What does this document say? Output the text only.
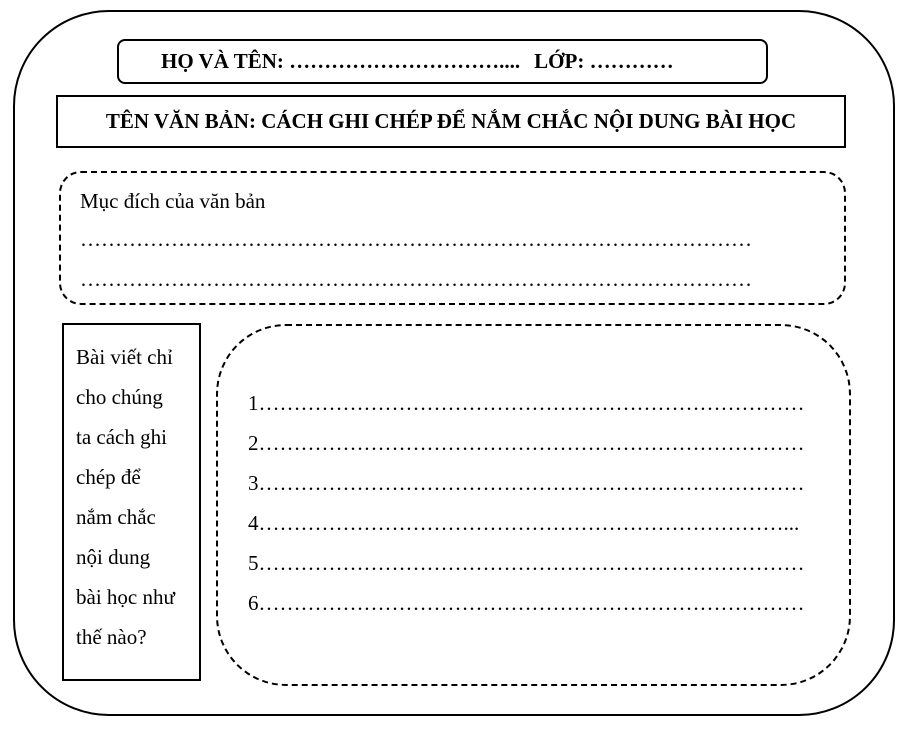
HỌ VÀ TÊN: ………………………….... LỚP: …………
TÊN VĂN BẢN: CÁCH GHI CHÉP ĐỂ NẮM CHẮC NỘI DUNG BÀI HỌC
Mục đích của văn bản
……………………………………………………………………………………
……………………………………………………………………………………
Bài viết chỉ
cho chúng
ta cách ghi
chép để
nắm chắc
nội dung
bài học như
thế nào?
1……………………………………………………………………
2……………………………………………………………………
3……………………………………………………………………
4…………………………………………………………………...
5……………………………………………………………………
6……………………………………………………………………
